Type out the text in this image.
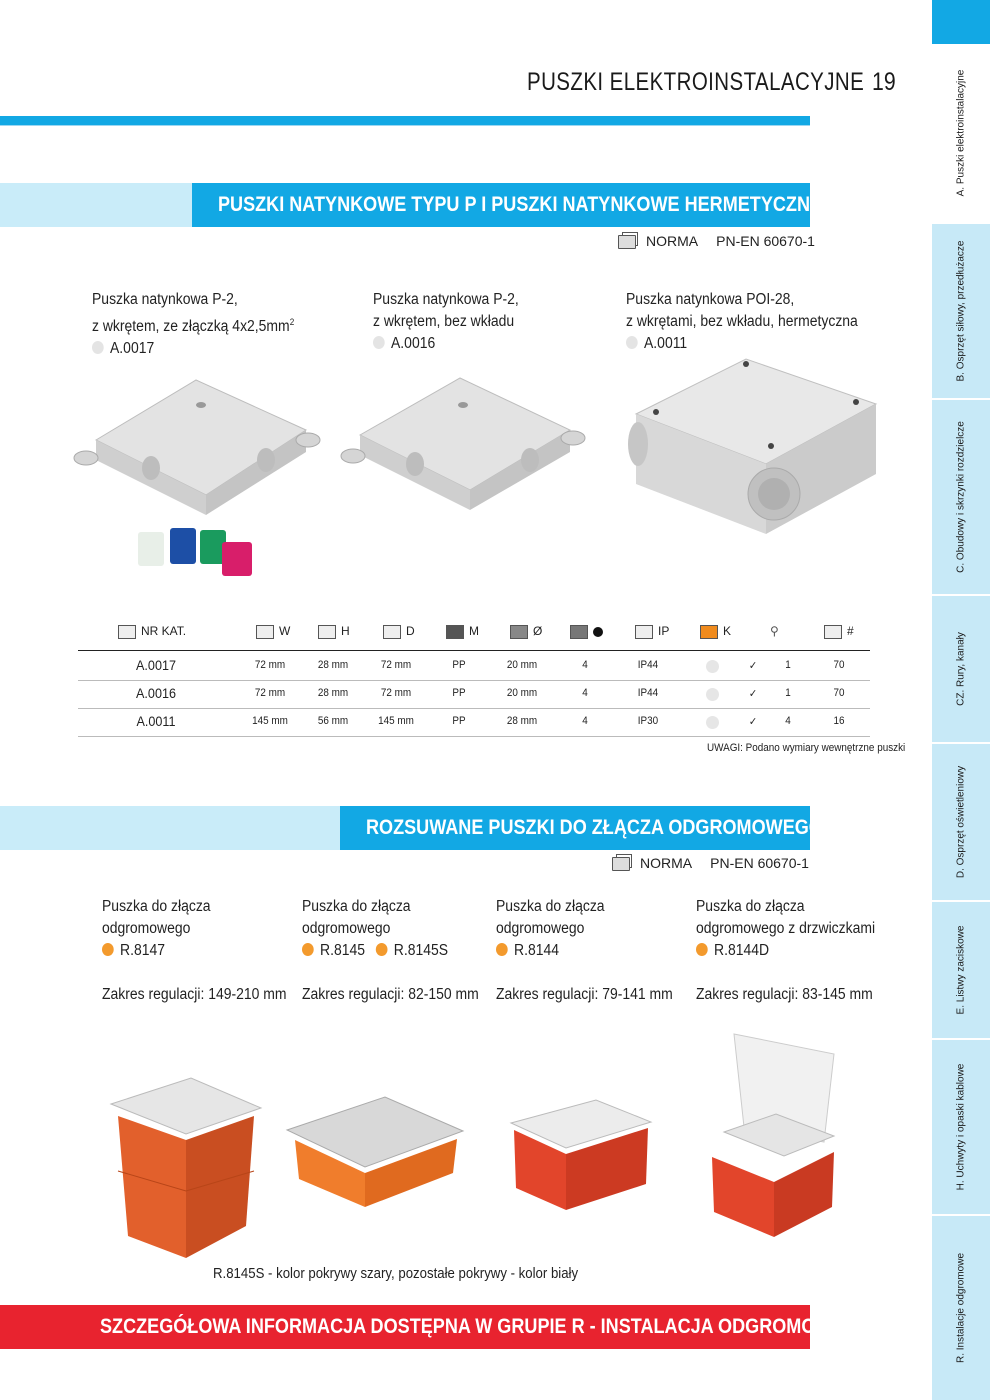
A. Puszki elektroinstalacyjne
B. Osprzęt siłowy, przedłużacze
C. Obudowy i skrzynki rozdzielcze
CZ. Rury, kanały
D. Osprzęt oświetleniowy
E. Listwy zaciskowe
H. Uchwyty i opaski kablowe
R. Instalacje odgromowe
PUSZKI ELEKTROINSTALACYJNE 19
PUSZKI NATYNKOWE TYPU P I PUSZKI NATYNKOWE HERMETYCZNE
NORMA PN-EN 60670-1
Puszka natynkowa P-2,
z wkrętem, ze złączką $4x2,5mm^2$
A.0017
Puszka natynkowa P-2,
z wkrętem, bez wkładu
A.0016
Puszka natynkowa POI-28,
z wkrętami, bez wkładu, hermetyczna
A.0011
NR KAT.	W	H	D	M	Ø	IP	K	⚲	#
A.0017	72 mm	28 mm	72 mm	PP	20 mm	4	IP44	✓	1	70
A.0016	72 mm	28 mm	72 mm	PP	20 mm	4	IP44	✓	1	70
A.0011	145 mm	56 mm	145 mm	PP	28 mm	4	IP30	✓	4	16
UWAGI: Podano wymiary wewnętrzne puszki
ROZSUWANE PUSZKI DO ZŁĄCZA ODGROMOWEGO
NORMA PN-EN 60670-1
Puszka do złącza
odgromowego
R.8147
Zakres regulacji: 149-210 mm
Puszka do złącza
odgromowego
R.8145 R.8145S
Zakres regulacji: 82-150 mm
Puszka do złącza
odgromowego
R.8144
Zakres regulacji: 79-141 mm
Puszka do złącza
odgromowego z drzwiczkami
R.8144D
Zakres regulacji: 83-145 mm
R.8145S - kolor pokrywy szary, pozostałe pokrywy - kolor biały
SZCZEGÓŁOWA INFORMACJA DOSTĘPNA W GRUPIE R - INSTALACJA ODGROMOWA
